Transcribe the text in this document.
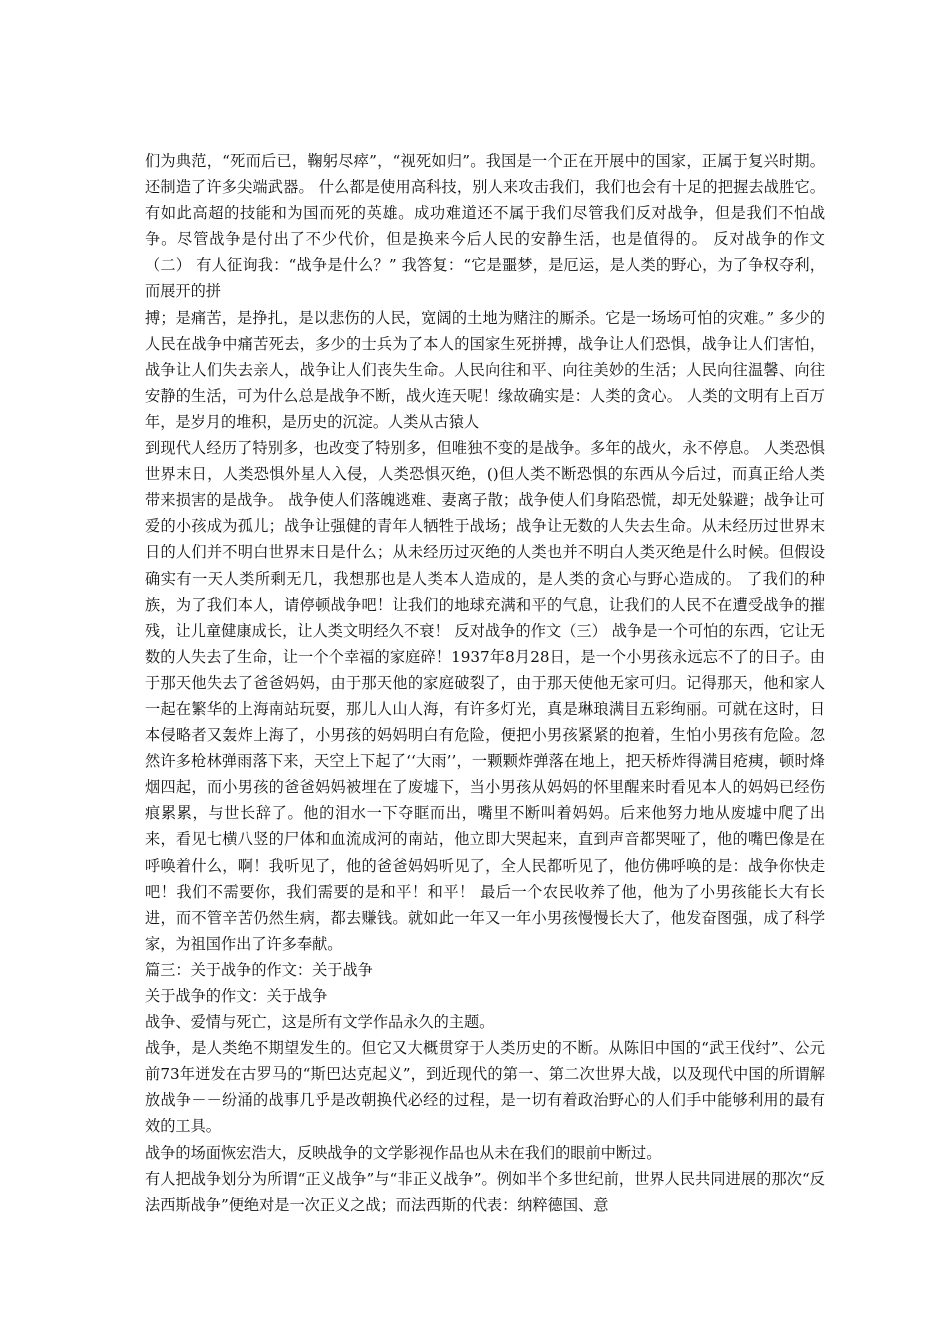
们为典范，“死而后已，鞠躬尽瘁”，“视死如归”。我国是一个正在开展中的国家，正属于复兴时期。还制造了许多尖端武器。 什么都是使用高科技，别人来攻击我们，我们也会有十足的把握去战胜它。有如此高超的技能和为国而死的英雄。成功难道还不属于我们尽管我们反对战争，但是我们不怕战争。尽管战争是付出了不少代价，但是换来今后人民的安静生活，也是值得的。 反对战争的作文（二） 有人征询我：“战争是什么？” 我答复：“它是噩梦，是厄运，是人类的野心，为了争权夺利，而展开的拼

搏；是痛苦，是挣扎，是以悲伤的人民，宽阔的土地为赌注的厮杀。它是一场场可怕的灾难。” 多少的人民在战争中痛苦死去，多少的士兵为了本人的国家生死拼搏，战争让人们恐惧，战争让人们害怕，战争让人们失去亲人，战争让人们丧失生命。人民向往和平、向往美妙的生活；人民向往温馨、向往安静的生活，可为什么总是战争不断，战火连天呢！缘故确实是：人类的贪心。 人类的文明有上百万年，是岁月的堆积，是历史的沉淀。人类从古猿人

到现代人经历了特别多，也改变了特别多，但唯独不变的是战争。多年的战火，永不停息。 人类恐惧世界末日，人类恐惧外星人入侵，人类恐惧灭绝，()但人类不断恐惧的东西从今后过，而真正给人类带来损害的是战争。 战争使人们落魄逃难、妻离子散；战争使人们身陷恐慌，却无处躲避；战争让可爱的小孩成为孤儿；战争让强健的青年人牺牲于战场；战争让无数的人失去生命。从未经历过世界末日的人们并不明白世界末日是什么；从未经历过灭绝的人类也并不明白人类灭绝是什么时候。但假设确实有一天人类所剩无几，我想那也是人类本人造成的，是人类的贪心与野心造成的。 了我们的种族，为了我们本人，请停顿战争吧！让我们的地球充满和平的气息，让我们的人民不在遭受战争的摧残，让儿童健康成长，让人类文明经久不衰！ 反对战争的作文（三） 战争是一个可怕的东西，它让无数的人失去了生命，让一个个幸福的家庭碎！1937年8月28日，是一个小男孩永远忘不了的日子。由于那天他失去了爸爸妈妈，由于那天他的家庭破裂了，由于那天使他无家可归。记得那天，他和家人一起在繁华的上海南站玩耍，那儿人山人海，有许多灯光，真是琳琅满目五彩绚丽。可就在这时，日本侵略者又轰炸上海了，小男孩的妈妈明白有危险，便把小男孩紧紧的抱着，生怕小男孩有危险。忽然许多枪林弹雨落下来，天空上下起了‘‘大雨’’，一颗颗炸弹落在地上，把天桥炸得满目疮痍，顿时烽烟四起，而小男孩的爸爸妈妈被埋在了废墟下，当小男孩从妈妈的怀里醒来时看见本人的妈妈已经伤痕累累，与世长辞了。他的泪水一下夺眶而出，嘴里不断叫着妈妈。后来他努力地从废墟中爬了出来，看见七横八竖的尸体和血流成河的南站，他立即大哭起来，直到声音都哭哑了，他的嘴巴像是在呼唤着什么，啊！我听见了，他的爸爸妈妈听见了，全人民都听见了，他仿佛呼唤的是：战争你快走吧！我们不需要你，我们需要的是和平！和平！ 最后一个农民收养了他，他为了小男孩能长大有长进，而不管辛苦仍然生病，都去赚钱。就如此一年又一年小男孩慢慢长大了，他发奋图强，成了科学家，为祖国作出了许多奉献。

篇三：关于战争的作文：关于战争

关于战争的作文：关于战争

战争、爱情与死亡，这是所有文学作品永久的主题。

战争，是人类绝不期望发生的。但它又大概贯穿于人类历史的不断。从陈旧中国的“武王伐纣”、公元前73年迸发在古罗马的“斯巴达克起义”，到近现代的第一、第二次世界大战，以及现代中国的所谓解放战争－－纷涌的战事几乎是改朝换代必经的过程，是一切有着政治野心的人们手中能够利用的最有效的工具。

战争的场面恢宏浩大，反映战争的文学影视作品也从未在我们的眼前中断过。

有人把战争划分为所谓“正义战争”与“非正义战争”。例如半个多世纪前，世界人民共同进展的那次“反法西斯战争”便绝对是一次正义之战；而法西斯的代表：纳粹德国、意
